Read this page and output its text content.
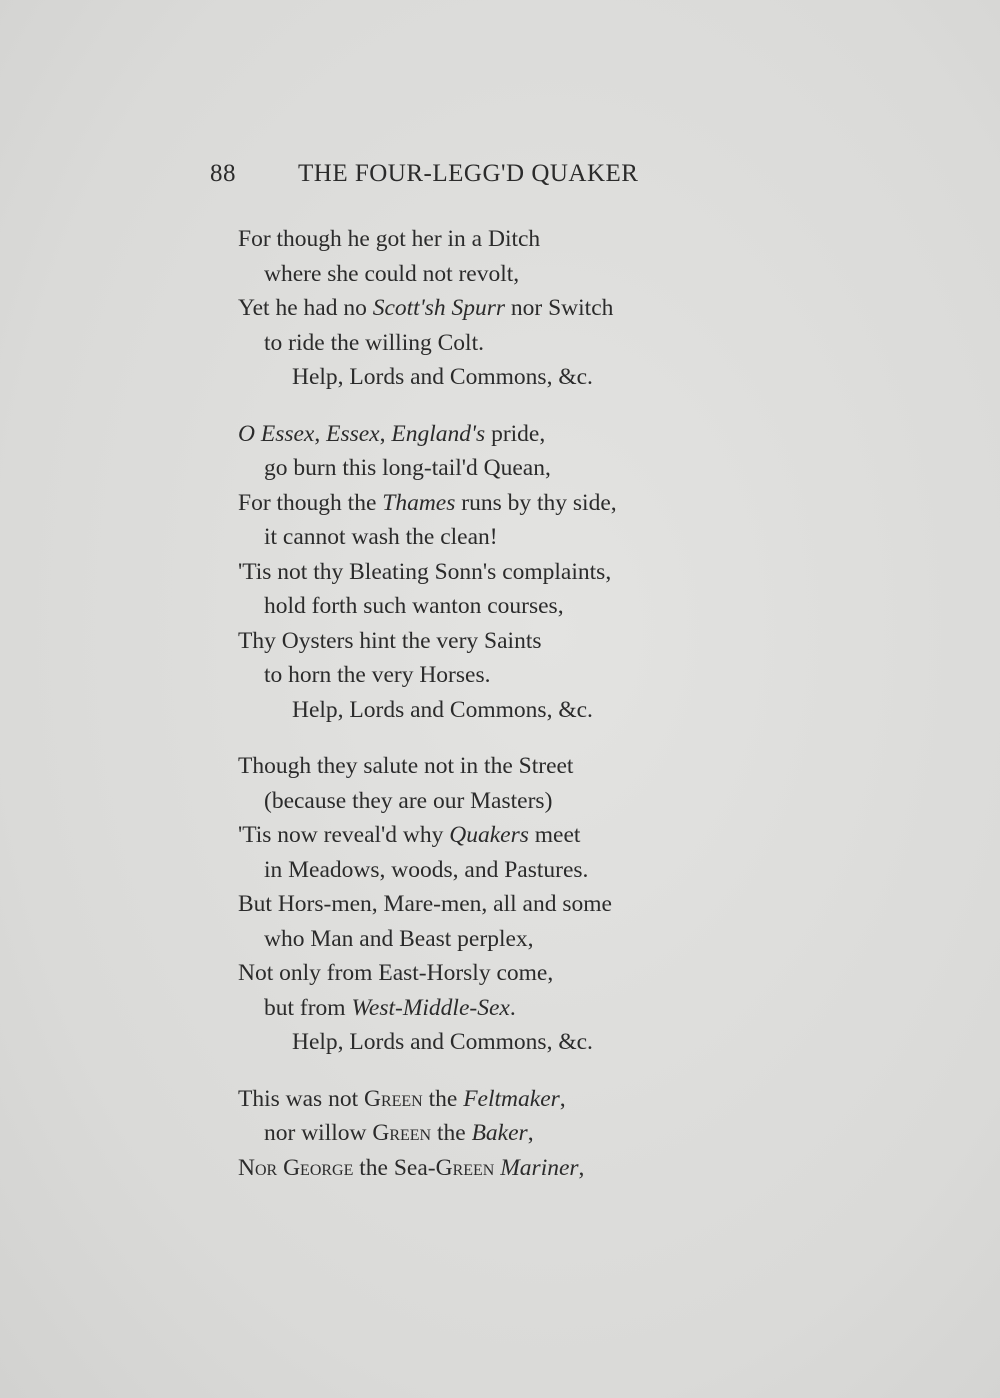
88 THE FOUR-LEGG'D QUAKER
For though he got her in a Ditch
where she could not revolt,
Yet he had no Scott'sh Spurr nor Switch
to ride the willing Colt.
Help, Lords and Commons, &c.
O Essex, Essex, England's pride,
go burn this long-tail'd Quean,
For though the Thames runs by thy side,
it cannot wash the clean!
'Tis not thy Bleating Sonn's complaints,
hold forth such wanton courses,
Thy Oysters hint the very Saints
to horn the very Horses.
Help, Lords and Commons, &c.
Though they salute not in the Street
(because they are our Masters)
'Tis now reveal'd why Quakers meet
in Meadows, woods, and Pastures.
But Hors-men, Mare-men, all and some
who Man and Beast perplex,
Not only from East-Horsly come,
but from West-Middle-Sex.
Help, Lords and Commons, &c.
This was not Green the Feltmaker,
nor willow Green the Baker,
Nor George the Sea-Green Mariner,
